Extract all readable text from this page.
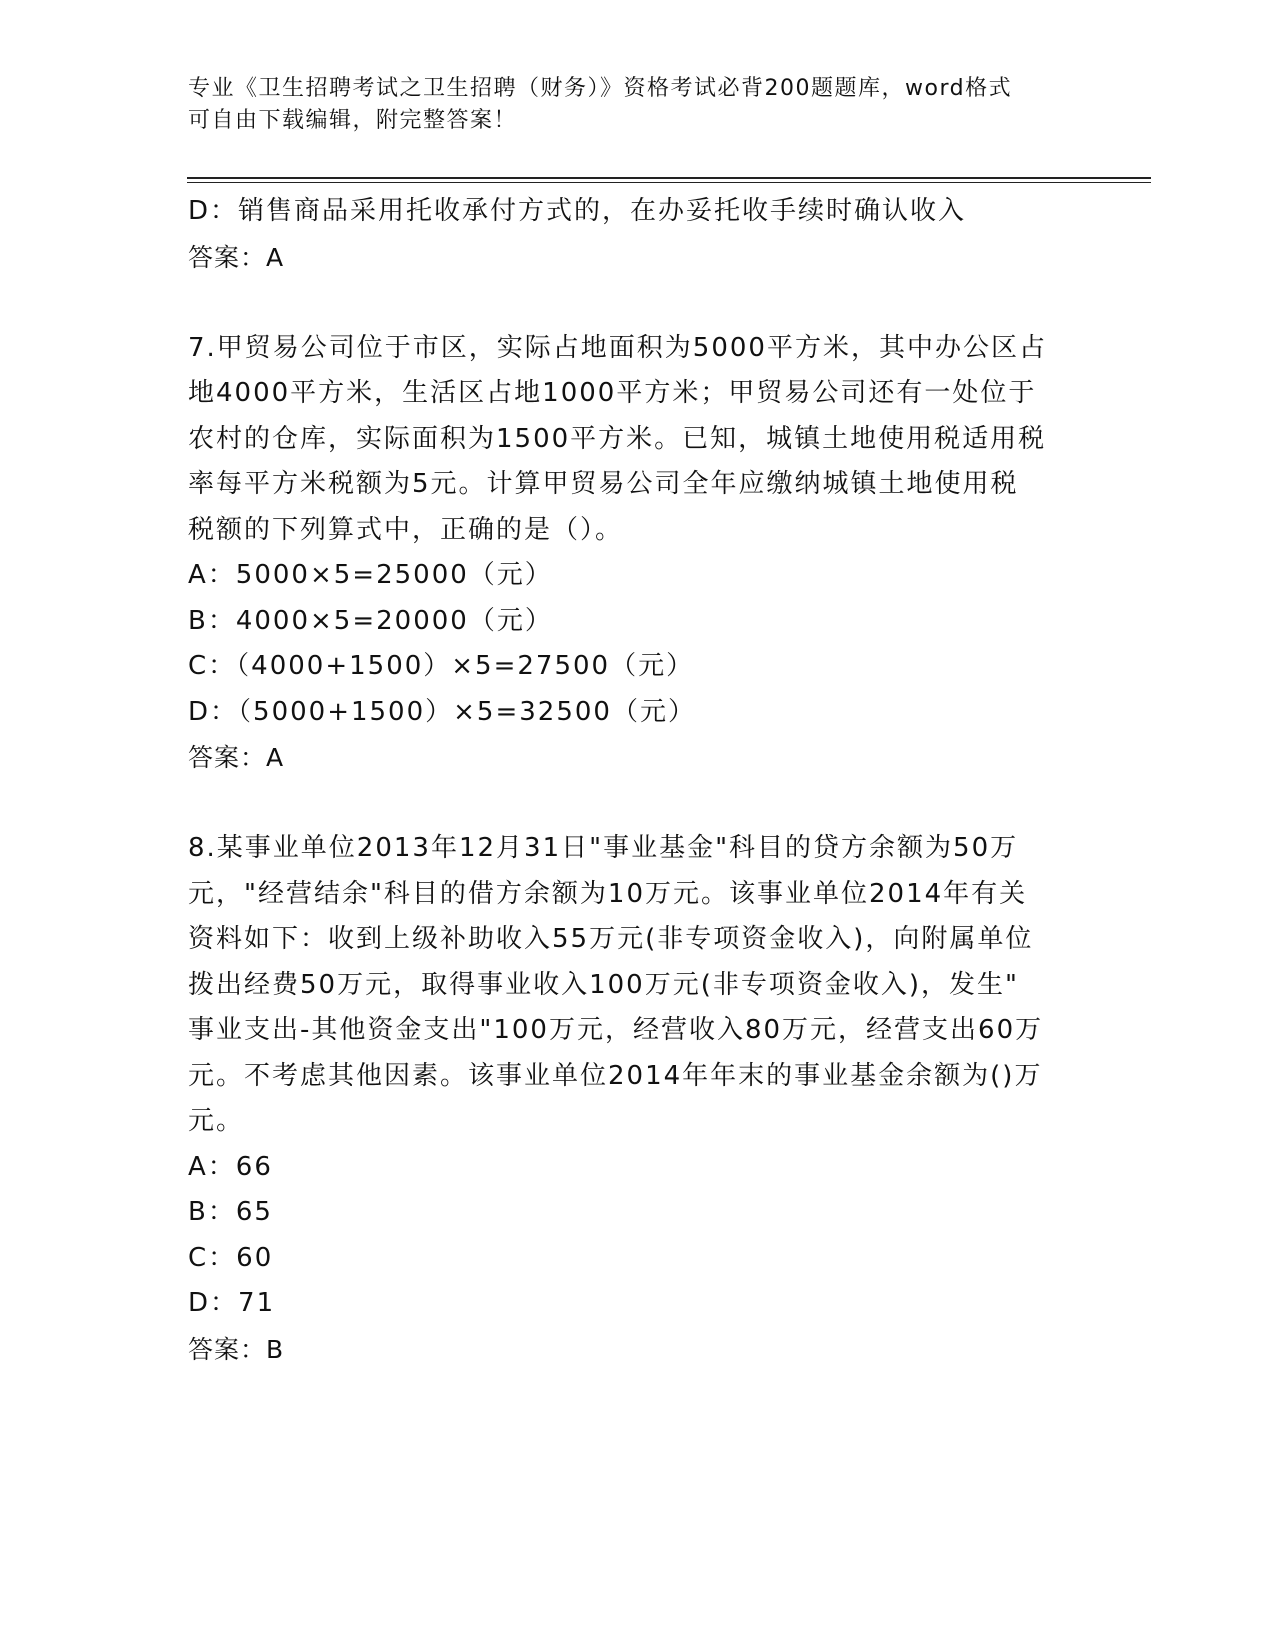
专业《卫生招聘考试之卫生招聘（财务）》资格考试必背200题题库，word格式
可自由下载编辑，附完整答案！
D：销售商品采用托收承付方式的，在办妥托收手续时确认收入
答案：A
7.甲贸易公司位于市区，实际占地面积为5000平方米，其中办公区占
地4000平方米，生活区占地1000平方米；甲贸易公司还有一处位于
农村的仓库，实际面积为1500平方米。已知，城镇土地使用税适用税
率每平方米税额为5元。计算甲贸易公司全年应缴纳城镇土地使用税
税额的下列算式中，正确的是（）。
A：5000×5=25000（元）
B：4000×5=20000（元）
C：（4000+1500）×5=27500（元）
D：（5000+1500）×5=32500（元）
答案：A
8.某事业单位2013年12月31日"事业基金"科目的贷方余额为50万
元，"经营结余"科目的借方余额为10万元。该事业单位2014年有关
资料如下：收到上级补助收入55万元(非专项资金收入)，向附属单位
拨出经费50万元，取得事业收入100万元(非专项资金收入)，发生"
事业支出-其他资金支出"100万元，经营收入80万元，经营支出60万
元。不考虑其他因素。该事业单位2014年年末的事业基金余额为()万
元。
A：66
B：65
C：60
D：71
答案：B
